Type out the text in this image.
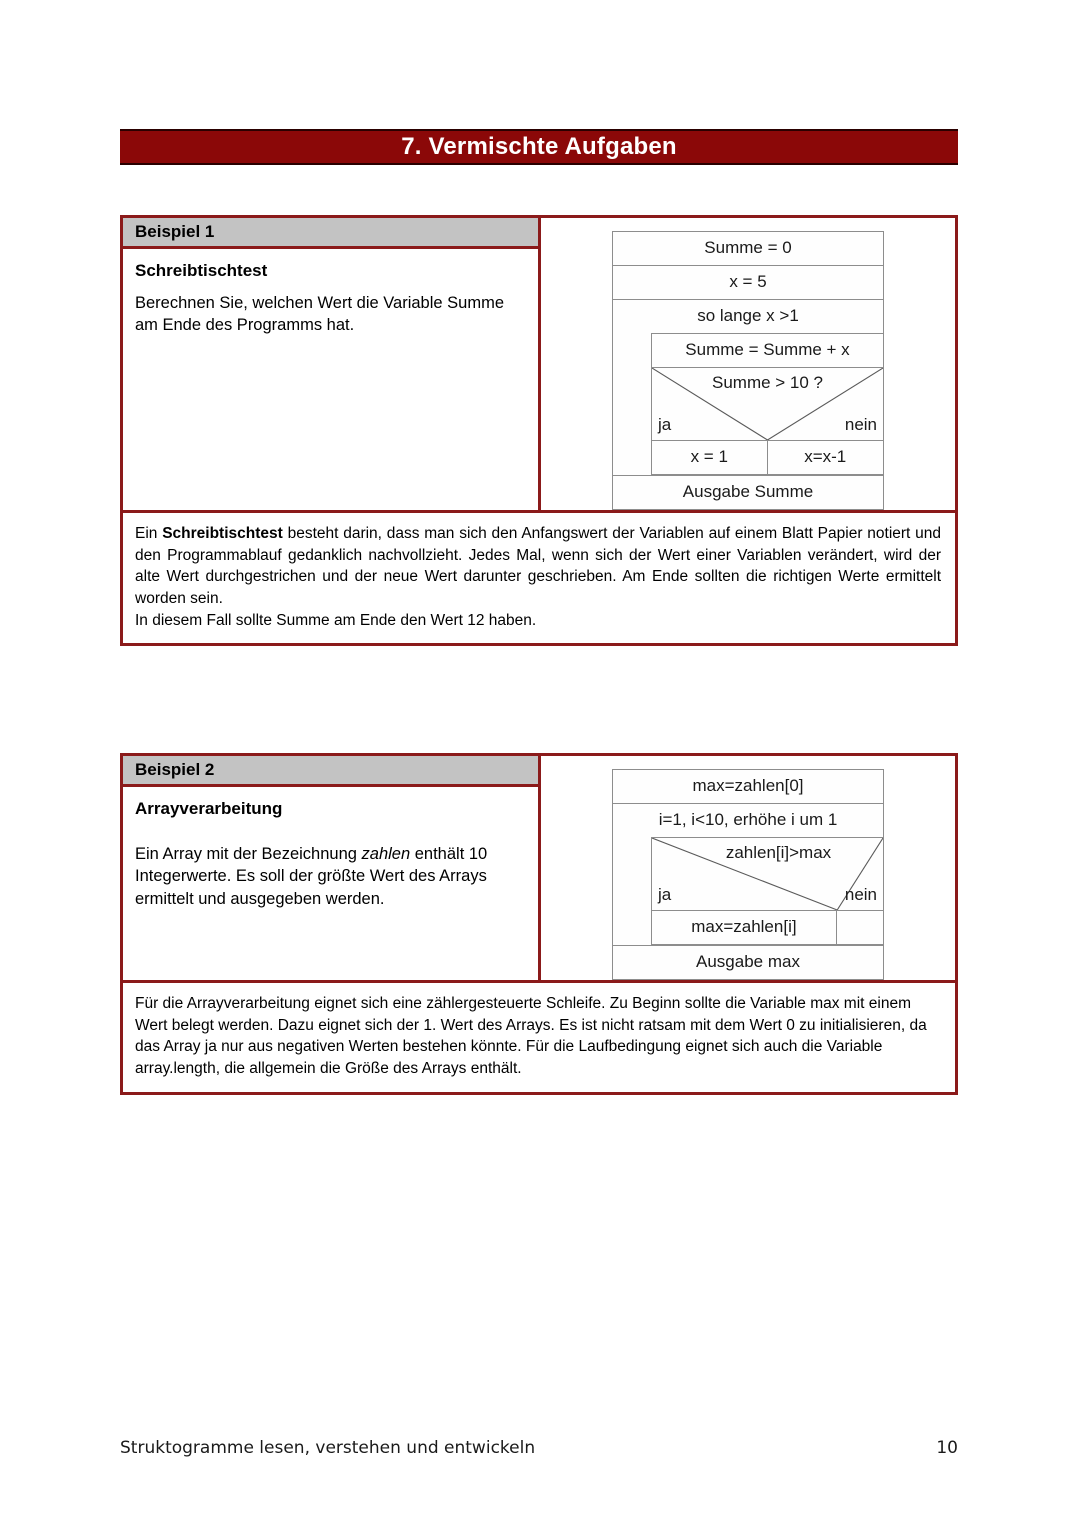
7. Vermischte Aufgaben
Beispiel 1

Schreibtischtest

Berechnen Sie, welchen Wert die Variable Summe am Ende des Programms hat.

Summe = 0
x = 5
so lange x >1
Summe = Summe + x
Summe > 10 ?
ja	nein
x = 1	x=x-1
Ausgabe Summe

Ein Schreibtischtest besteht darin, dass man sich den Anfangswert der Variablen auf einem Blatt Papier notiert und den Programmablauf gedanklich nachvollzieht. Jedes Mal, wenn sich der Wert einer Variablen verändert, wird der alte Wert durchgestrichen und der neue Wert darunter geschrieben. Am Ende sollten die richtigen Werte ermittelt worden sein.

In diesem Fall sollte Summe am Ende den Wert 12 haben.

Beispiel 2

Arrayverarbeitung

Ein Array mit der Bezeichnung zahlen enthält 10 Integerwerte. Es soll der größte Wert des Arrays ermittelt und ausgegeben werden.

max=zahlen[0]
i=1, i<10, erhöhe i um 1
zahlen[i]>max
ja	nein
max=zahlen[i]
Ausgabe max

Für die Arrayverarbeitung eignet sich eine zählergesteuerte Schleife. Zu Beginn sollte die Variable max mit einem Wert belegt werden. Dazu eignet sich der 1. Wert des Arrays. Es ist nicht ratsam mit dem Wert 0 zu initialisieren, da das Array ja nur aus negativen Werten bestehen könnte. Für die Laufbedingung eignet sich auch die Variable array.length, die allgemein die Größe des Arrays enthält.

Struktogramme lesen, verstehen und entwickeln	10
